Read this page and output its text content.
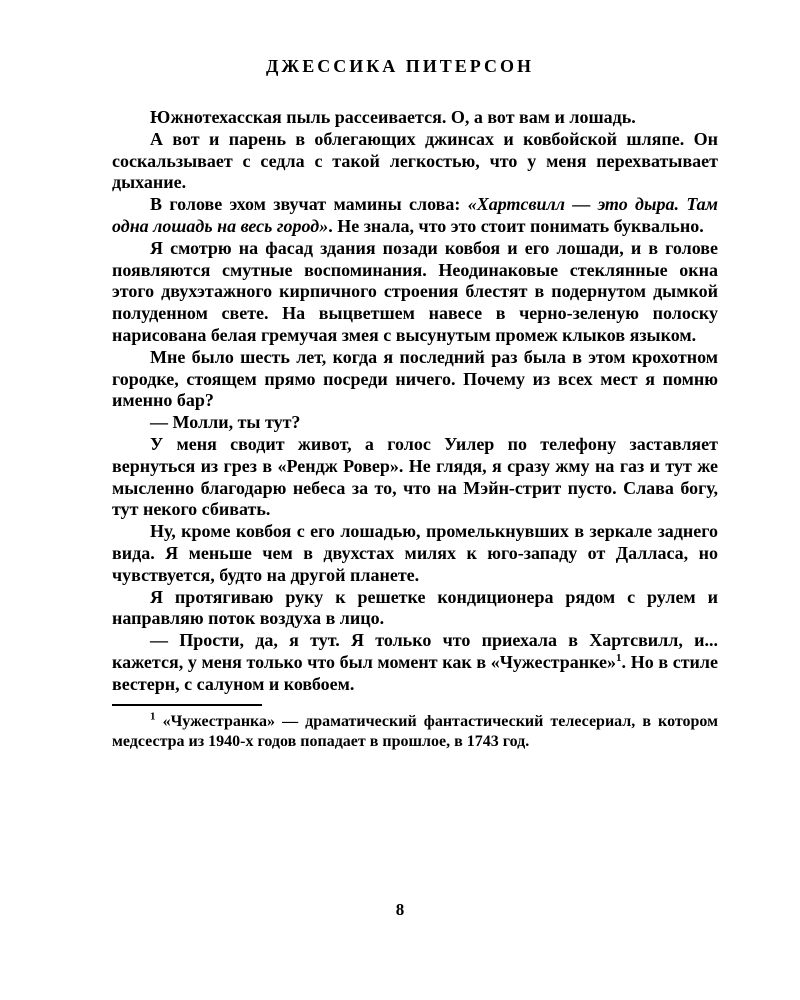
ДЖЕССИКА ПИТЕРСОН

Южнотехасская пыль рассеивается. О, а вот вам и лошадь.

А вот и парень в облегающих джинсах и ковбойской шляпе. Он соскальзывает с седла с такой легкостью, что у меня перехватывает дыхание.

В голове эхом звучат мамины слова: «Хартсвилл — это дыра. Там одна лошадь на весь город». Не знала, что это стоит понимать буквально.

Я смотрю на фасад здания позади ковбоя и его лошади, и в голове появляются смутные воспоминания. Неодинаковые стеклянные окна этого двухэтажного кирпичного строения блестят в подернутом дымкой полуденном свете. На выцветшем навесе в черно-зеленую полоску нарисована белая гремучая змея с высунутым промеж клыков языком.

Мне было шесть лет, когда я последний раз была в этом крохотном городке, стоящем прямо посреди ничего. Почему из всех мест я помню именно бар?

— Молли, ты тут?

У меня сводит живот, а голос Уилер по телефону заставляет вернуться из грез в «Рендж Ровер». Не глядя, я сразу жму на газ и тут же мысленно благодарю небеса за то, что на Мэйн-стрит пусто. Слава богу, тут некого сбивать.

Ну, кроме ковбоя с его лошадью, промелькнувших в зеркале заднего вида. Я меньше чем в двухстах милях к юго-западу от Далласа, но чувствуется, будто на другой планете.

Я протягиваю руку к решетке кондиционера рядом с рулем и направляю поток воздуха в лицо.

— Прости, да, я тут. Я только что приехала в Хартсвилл, и... кажется, у меня только что был момент как в «Чужестранке»$^1$. Но в стиле вестерн, с салуном и ковбоем.

$^1$ «Чужестранка» — драматический фантастический телесериал, в котором медсестра из 1940-х годов попадает в прошлое, в 1743 год.

8
